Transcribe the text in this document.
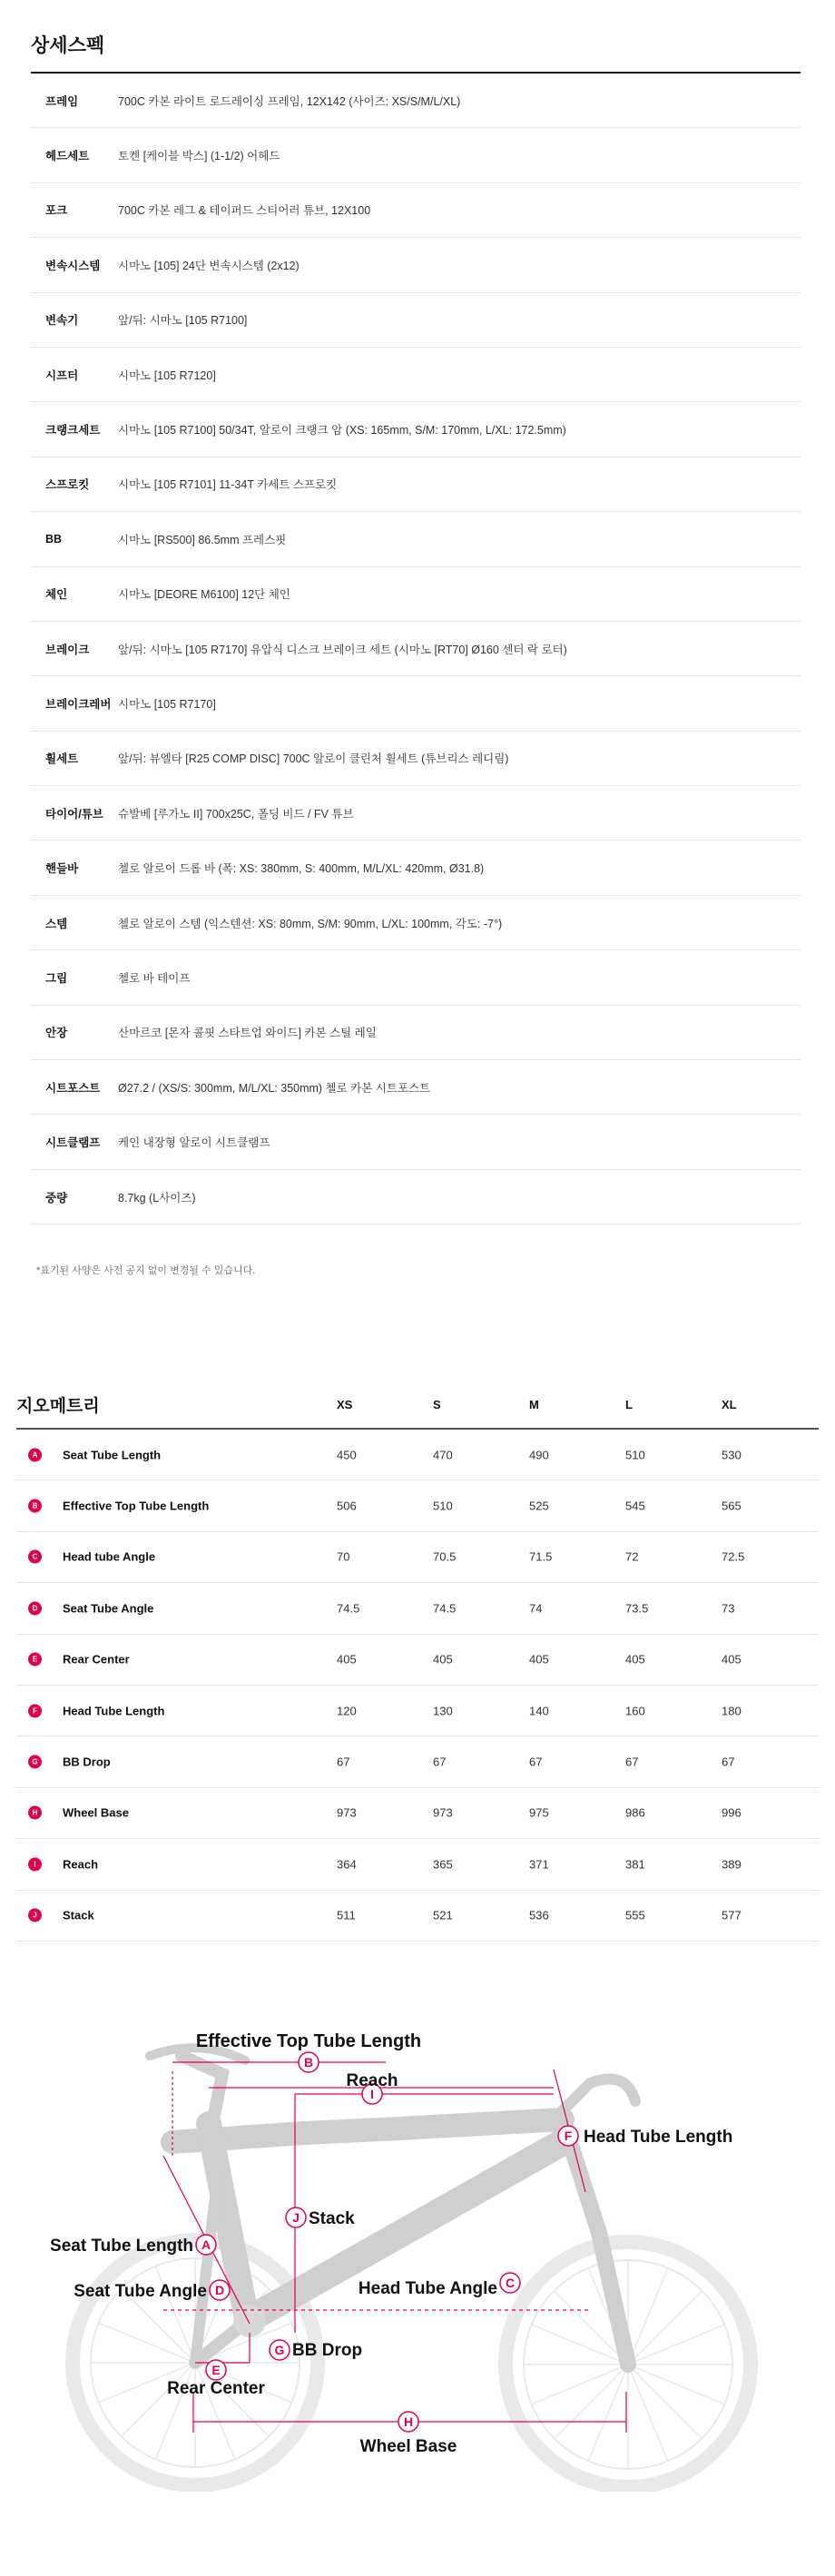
상세스펙
프레임	700C 카본 라이트 로드레이싱 프레임, 12X142 (사이즈: XS/S/M/L/XL)
헤드세트	토켄 [케이블 박스] (1-1/2) 어헤드
포크	700C 카본 레그 & 테이퍼드 스티어러 튜브, 12X100
변속시스템 시마노 [105] 24단 변속시스템 (2x12)
변속기	앞/뒤: 시마노 [105 R7100]
시프터	시마노 [105 R7120]
크랭크세트 시마노 [105 R7100] 50/34T, 알로이 크랭크 암 (XS: 165mm, S/M: 170mm, L/XL: 172.5mm)
스프로킷	시마노 [105 R7101] 11-34T 카세트 스프로킷
BB	시마노 [RS500] 86.5mm 프레스핏
체인	시마노 [DEORE M6100] 12단 체인
브레이크	앞/뒤: 시마노 [105 R7170] 유압식 디스크 브레이크 세트 (시마노 [RT70] Ø160 센터 락 로터)
브레이크레버 시마노 [105 R7170]
휠세트	앞/뒤: 뷰엘타 [R25 COMP DISC] 700C 알로이 클린처 휠세트 (튜브리스 레디림)
타이어/튜브 슈발베 [루가노 II] 700x25C, 폴딩 비드 / FV 튜브
핸들바	첼로 알로이 드롭 바 (폭: XS: 380mm, S: 400mm, M/L/XL: 420mm, Ø31.8)
스템	첼로 알로이 스템 (익스텐션: XS: 80mm, S/M: 90mm, L/XL: 100mm, 각도: -7°)
그립	첼로 바 테이프
안장	산마르코 [몬자 콜핏 스타트업 와이드] 카본 스틸 레일
시트포스트 Ø27.2 / (XS/S: 300mm, M/L/XL: 350mm) 첼로 카본 시트포스트
시트클램프 케인 내장형 알로이 시트클램프
중량	8.7kg (L사이즈)

*표기된 사양은 사전 공지 없이 변경될 수 있습니다.

지오메트리	XS	S	M	L	XL
A	Seat Tube Length	450	470	490	510	530
B	Effective Top Tube Length	506	510	525	545	565
C	Head tube Angle	70	70.5	71.5	72	72.5
D	Seat Tube Angle	74.5	74.5	74	73.5	73
E	Rear Center	405	405	405	405	405
F	Head Tube Length	120	130	140	160	180
G	BB Drop	67	67	67	67	67
H	Wheel Base	973	973	975	986	996
I	Reach	364	365	371	381	389
J	Stack	511	521	536	555	577
B
I
F
J
A
D	C
G
E
H
Effective Top Tube Length
Reach
Head Tube Length
Stack
Seat Tube Length
Seat Tube Angle	Head Tube Angle
BB Drop
Rear Center
Wheel Base
